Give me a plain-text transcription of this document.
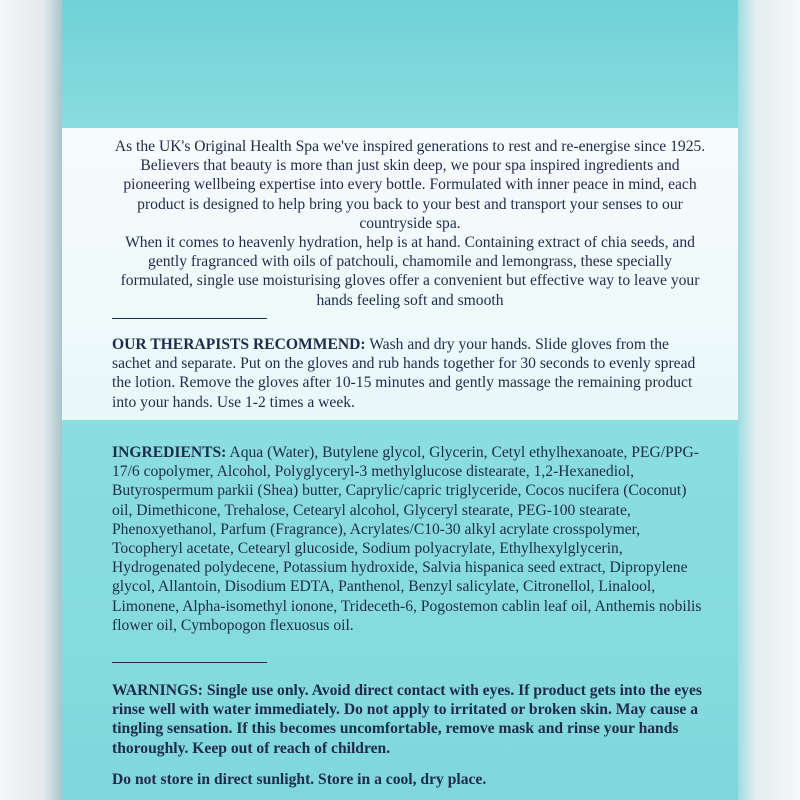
As the UK's Original Health Spa we've inspired generations to rest and re-energise since 1925. Believers that beauty is more than just skin deep, we pour spa inspired ingredients and pioneering wellbeing expertise into every bottle. Formulated with inner peace in mind, each product is designed to help bring you back to your best and transport your senses to our countryside spa.

When it comes to heavenly hydration, help is at hand. Containing extract of chia seeds, and gently fragranced with oils of patchouli, chamomile and lemongrass, these specially formulated, single use moisturising gloves offer a convenient but effective way to leave your hands feeling soft and smooth

OUR THERAPISTS RECOMMEND: Wash and dry your hands. Slide gloves from the sachet and separate. Put on the gloves and rub hands together for 30 seconds to evenly spread the lotion. Remove the gloves after 10-15 minutes and gently massage the remaining product into your hands. Use 1-2 times a week.

INGREDIENTS: Aqua (Water), Butylene glycol, Glycerin, Cetyl ethylhexanoate, PEG/PPG-17/6 copolymer, Alcohol, Polyglyceryl-3 methylglucose distearate, 1,2-Hexanediol, Butyrospermum parkii (Shea) butter, Caprylic/capric triglyceride, Cocos nucifera (Coconut) oil, Dimethicone, Trehalose, Cetearyl alcohol, Glyceryl stearate, PEG-100 stearate, Phenoxyethanol, Parfum (Fragrance), Acrylates/C10-30 alkyl acrylate crosspolymer, Tocopheryl acetate, Cetearyl glucoside, Sodium polyacrylate, Ethylhexylglycerin, Hydrogenated polydecene, Potassium hydroxide, Salvia hispanica seed extract, Dipropylene glycol, Allantoin, Disodium EDTA, Panthenol, Benzyl salicylate, Citronellol, Linalool, Limonene, Alpha-isomethyl ionone, Trideceth-6, Pogostemon cablin leaf oil, Anthemis nobilis flower oil, Cymbopogon flexuosus oil.

WARNINGS: Single use only. Avoid direct contact with eyes. If product gets into the eyes rinse well with water immediately. Do not apply to irritated or broken skin. May cause a tingling sensation. If this becomes uncomfortable, remove mask and rinse your hands thoroughly. Keep out of reach of children.

Do not store in direct sunlight. Store in a cool, dry place.
